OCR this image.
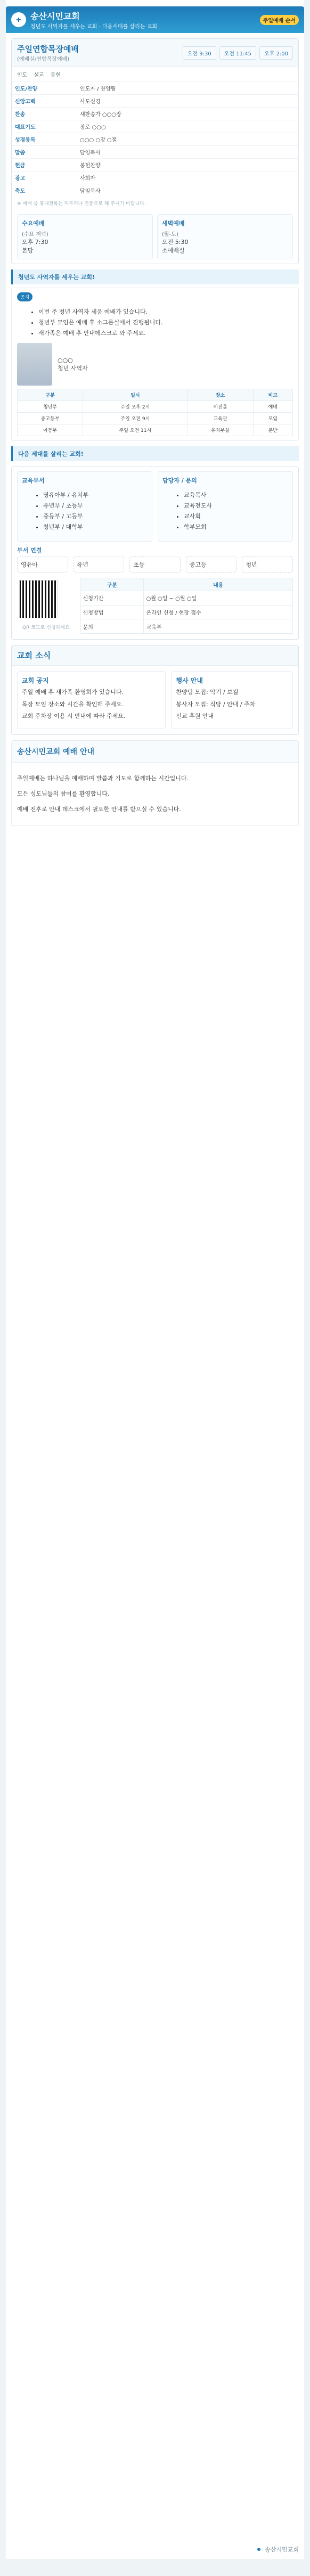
✚	송산시민교회
청년도 사역자를 세우는 교회 · 다음세대를 살리는 교회
주일예배 순서
주일연합목장예배
(예배실/연합목장예배)
오전 9:30	오전 11:45	오후 2:00
인도 설교 봉헌
인도/찬양	인도자 / 찬양팀
신앙고백	사도신경
찬송	새찬송가 ○○○장
대표기도	장로 ○○○
성경봉독	○○○ ○장 ○절
말씀	담임목사
헌금	봉헌찬양
광고	사회자
축도	담임목사
※ 예배 중 휴대전화는 꺼두거나 진동으로 해 주시기 바랍니다.
수요예배
(수요 저녁)
오후 7:30
본당
새벽예배
(월-토)
오전 5:30
소예배실
청년도 사역자를 세우는 교회!
공지
• 이번 주 청년 사역자 세움 예배가 있습니다.
• 청년부 모임은 예배 후 소그룹실에서 진행됩니다.
• 새가족은 예배 후 안내데스크로 와 주세요.
○○○
청년 사역자
구분	일시	장소	비고
청년부	주일 오후 2시	비전홀	예배
중고등부	주일 오전 9시	교육관	모임
아동부	주일 오전 11시	유치부실	분반
다음 세대를 살리는 교회!
교육부서
• 영유아부 / 유치부
• 유년부 / 초등부
• 중등부 / 고등부
• 청년부 / 대학부
담당자 / 문의
• 교육목사
• 교육전도사
• 교사회
• 학부모회
부서 연결
영유아	유년	초등	중고등	청년
QR 코드로 신청하세요
구분	내용
신청기간	○월 ○일 ~ ○월 ○일
신청방법	온라인 신청 / 현장 접수
문의	교육부
교회 소식
교회 공지

주일 예배 후 새가족 환영회가 있습니다.

목장 모임 장소와 시간을 확인해 주세요.

교회 주차장 이용 시 안내에 따라 주세요.

행사 안내

찬양팀 모집: 악기 / 보컬

봉사자 모집: 식당 / 안내 / 주차

선교 후원 안내

송산시민교회 예배 안내

주일예배는 하나님을 예배하며 말씀과 기도로 함께하는 시간입니다.

모든 성도님들의 참여를 환영합니다.

예배 전후로 안내 데스크에서 필요한 안내를 받으실 수 있습니다.

송산시민교회
